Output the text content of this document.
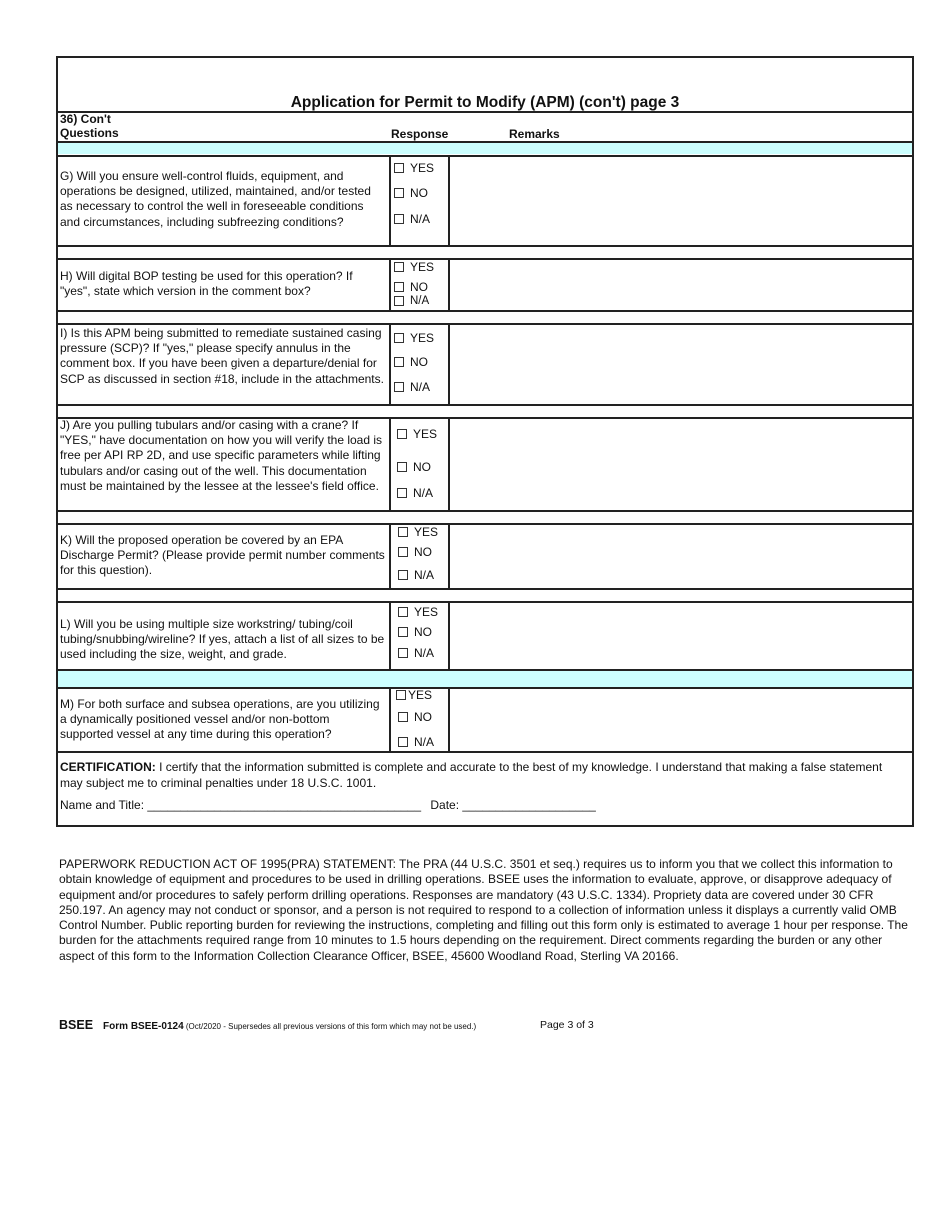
Application for Permit to Modify (APM) (con't) page 3
36) Con't
Questions	Response	Remarks
G) Will you ensure well-control fluids, equipment, and operations be designed, utilized, maintained, and/or tested as necessary to control the well in foreseeable conditions and circumstances, including subfreezing conditions?
YES
NO
N/A
H) Will digital BOP testing be used for this operation? If "yes", state which version in the comment box?
YES
NO
N/A
I) Is this APM being submitted to remediate sustained casing pressure (SCP)? If "yes," please specify annulus in the comment box. If you have been given a departure/denial for SCP as discussed in section #18, include in the attachments.
YES
NO
N/A
J) Are you pulling tubulars and/or casing with a crane? If "YES," have documentation on how you will verify the load is free per API RP 2D, and use specific parameters while lifting tubulars and/or casing out of the well. This documentation must be maintained by the lessee at the lessee's field office.
YES
NO
N/A
K) Will the proposed operation be covered by an EPA Discharge Permit? (Please provide permit number comments for this question).
YES
NO
N/A
L) Will you be using multiple size workstring/ tubing/coil tubing/snubbing/wireline? If yes, attach a list of all sizes to be used including the size, weight, and grade.
YES
NO
N/A
M) For both surface and subsea operations, are you utilizing a dynamically positioned vessel and/or non-bottom supported vessel at any time during this operation?
YES
NO
N/A
CERTIFICATION: I certify that the information submitted is complete and accurate to the best of my knowledge. I understand that making a false statement may subject me to criminal penalties under 18 U.S.C. 1001.
Name and Title: _________________________________________ Date: ____________________
PAPERWORK REDUCTION ACT OF 1995(PRA) STATEMENT: The PRA (44 U.S.C. 3501 et seq.) requires us to inform you that we collect this information to obtain knowledge of equipment and procedures to be used in drilling operations. BSEE uses the information to evaluate, approve, or disapprove adequacy of equipment and/or procedures to safely perform drilling operations. Responses are mandatory (43 U.S.C. 1334). Propriety data are covered under 30 CFR 250.197. An agency may not conduct or sponsor, and a person is not required to respond to a collection of information unless it displays a currently valid OMB Control Number. Public reporting burden for reviewing the instructions, completing and filling out this form only is estimated to average 1 hour per response. The burden for the attachments required range from 10 minutes to 1.5 hours depending on the requirement. Direct comments regarding the burden or any other aspect of this form to the Information Collection Clearance Officer, BSEE, 45600 Woodland Road, Sterling VA 20166.
BSEE Form BSEE-0124 (Oct/2020 - Supersedes all previous versions of this form which may not be used.)	Page 3 of 3
